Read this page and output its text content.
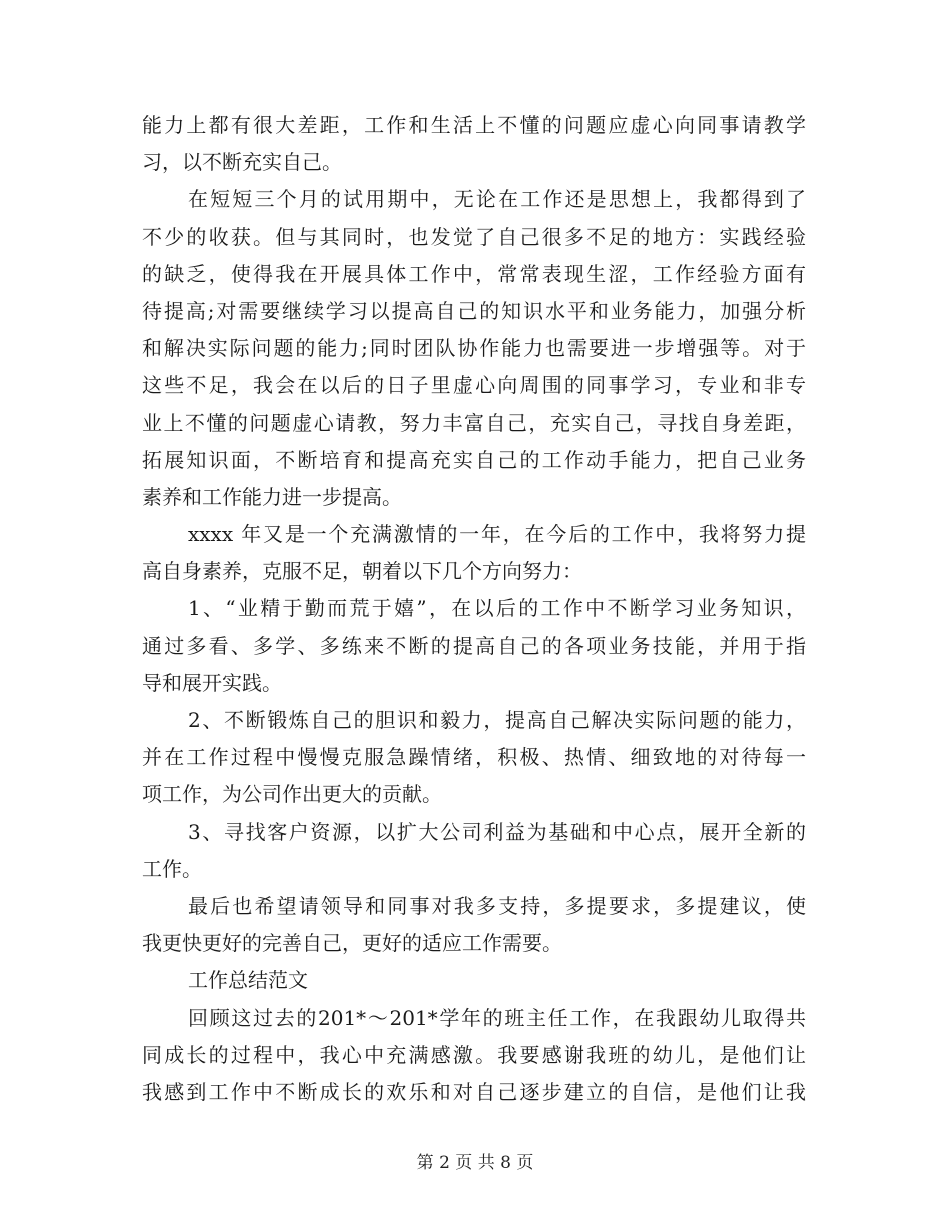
能力上都有很大差距，工作和生活上不懂的问题应虚心向同事请教学
习，以不断充实自己。
在短短三个月的试用期中，无论在工作还是思想上，我都得到了
不少的收获。但与其同时，也发觉了自己很多不足的地方：实践经验
的缺乏，使得我在开展具体工作中，常常表现生涩，工作经验方面有
待提高;对需要继续学习以提高自己的知识水平和业务能力，加强分析
和解决实际问题的能力;同时团队协作能力也需要进一步增强等。对于
这些不足，我会在以后的日子里虚心向周围的同事学习，专业和非专
业上不懂的问题虚心请教，努力丰富自己，充实自己，寻找自身差距，
拓展知识面，不断培育和提高充实自己的工作动手能力，把自己业务
素养和工作能力进一步提高。
xxxx 年又是一个充满激情的一年，在今后的工作中，我将努力提
高自身素养，克服不足，朝着以下几个方向努力：
1、“业精于勤而荒于嬉”，在以后的工作中不断学习业务知识，
通过多看、多学、多练来不断的提高自己的各项业务技能，并用于指
导和展开实践。
2、不断锻炼自己的胆识和毅力，提高自己解决实际问题的能力，
并在工作过程中慢慢克服急躁情绪，积极、热情、细致地的对待每一
项工作，为公司作出更大的贡献。
3、寻找客户资源，以扩大公司利益为基础和中心点，展开全新的
工作。
最后也希望请领导和同事对我多支持，多提要求，多提建议，使
我更快更好的完善自己，更好的适应工作需要。
工作总结范文
回顾这过去的201*～201*学年的班主任工作，在我跟幼儿取得共
同成长的过程中，我心中充满感激。我要感谢我班的幼儿，是他们让
我感到工作中不断成长的欢乐和对自己逐步建立的自信，是他们让我
第 2 页 共 8 页
